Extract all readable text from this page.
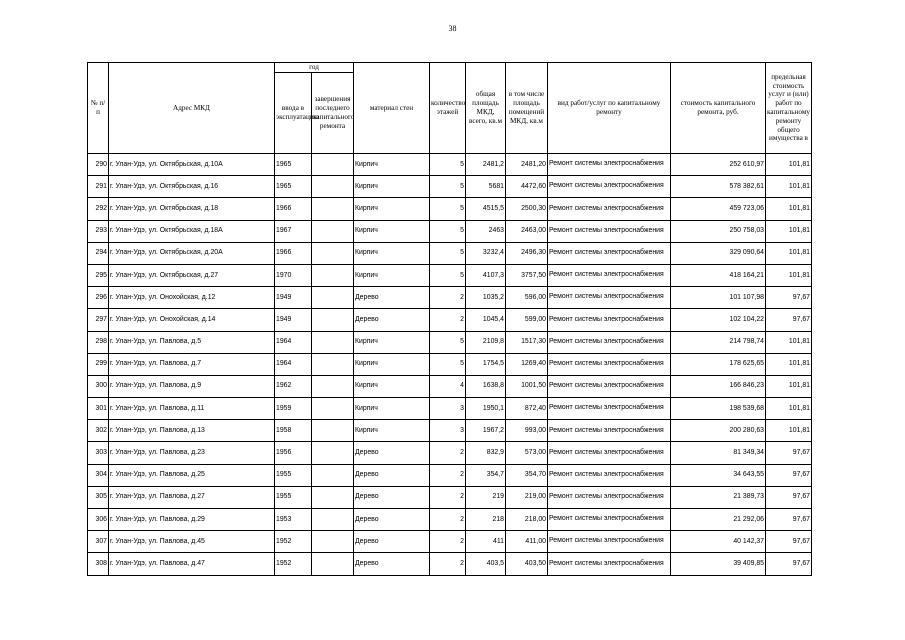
38
№ п/п	Адрес МКД	год		материал стен	количество этажей	общая площадь МКД, всего, кв.м	в том числе площадь помещений МКД, кв.м	вид работ/услуг по капитальному ремонту	стоимость капитального ремонта, руб.	предельная стоимость услуг и (или) работ по капитальному ремонту общего имущества в
		ввода в эксплуатацию	завершения последнего капитального ремонта							
290	г. Улан-Удэ, ул. Октябрьская, д.10А	1965		Кирпич	5	2481,2	2481,20	Ремонт системы электроснабжения	252 610,97	101,81
291	г. Улан-Удэ, ул. Октябрьская, д.16	1965		Кирпич	5	5681	4472,60	Ремонт системы электроснабжения	578 382,61	101,81
292	г. Улан-Удэ, ул. Октябрьская, д.18	1966		Кирпич	5	4515,5	2500,30	Ремонт системы электроснабжения	459 723,06	101,81
293	г. Улан-Удэ, ул. Октябрьская, д.18А	1967		Кирпич	5	2463	2463,00	Ремонт системы электроснабжения	250 758,03	101,81
294	г. Улан-Удэ, ул. Октябрьская, д.20А	1966		Кирпич	5	3232,4	2496,30	Ремонт системы электроснабжения	329 090,64	101,81
295	г. Улан-Удэ, ул. Октябрьская, д.27	1970		Кирпич	5	4107,3	3757,50	Ремонт системы электроснабжения	418 164,21	101,81
296	г. Улан-Удэ, ул. Онохойская, д.12	1949		Дерево	2	1035,2	596,00	Ремонт системы электроснабжения	101 107,98	97,67
297	г. Улан-Удэ, ул. Онохойская, д.14	1949		Дерево	2	1045,4	599,00	Ремонт системы электроснабжения	102 104,22	97,67
298	г. Улан-Удэ, ул. Павлова, д.5	1964		Кирпич	5	2109,8	1517,30	Ремонт системы электроснабжения	214 798,74	101,81
299	г. Улан-Удэ, ул. Павлова, д.7	1964		Кирпич	5	1754,5	1269,40	Ремонт системы электроснабжения	178 625,65	101,81
300	г. Улан-Удэ, ул. Павлова, д.9	1962		Кирпич	4	1638,8	1001,50	Ремонт системы электроснабжения	166 846,23	101,81
301	г. Улан-Удэ, ул. Павлова, д.11	1959		Кирпич	3	1950,1	872,40	Ремонт системы электроснабжения	198 539,68	101,81
302	г. Улан-Удэ, ул. Павлова, д.13	1958		Кирпич	3	1967,2	993,00	Ремонт системы электроснабжения	200 280,63	101,81
303	г. Улан-Удэ, ул. Павлова, д.23	1956		Дерево	2	832,9	573,00	Ремонт системы электроснабжения	81 349,34	97,67
304	г. Улан-Удэ, ул. Павлова, д.25	1955		Дерево	2	354,7	354,70	Ремонт системы электроснабжения	34 643,55	97,67
305	г. Улан-Удэ, ул. Павлова, д.27	1955		Дерево	2	219	219,00	Ремонт системы электроснабжения	21 389,73	97,67
306	г. Улан-Удэ, ул. Павлова, д.29	1953		Дерево	2	218	218,00	Ремонт системы электроснабжения	21 292,06	97,67
307	г. Улан-Удэ, ул. Павлова, д.45	1952		Дерево	2	411	411,00	Ремонт системы электроснабжения	40 142,37	97,67
308	г. Улан-Удэ, ул. Павлова, д.47	1952		Дерево	2	403,5	403,50	Ремонт системы электроснабжения	39 409,85	97,67
